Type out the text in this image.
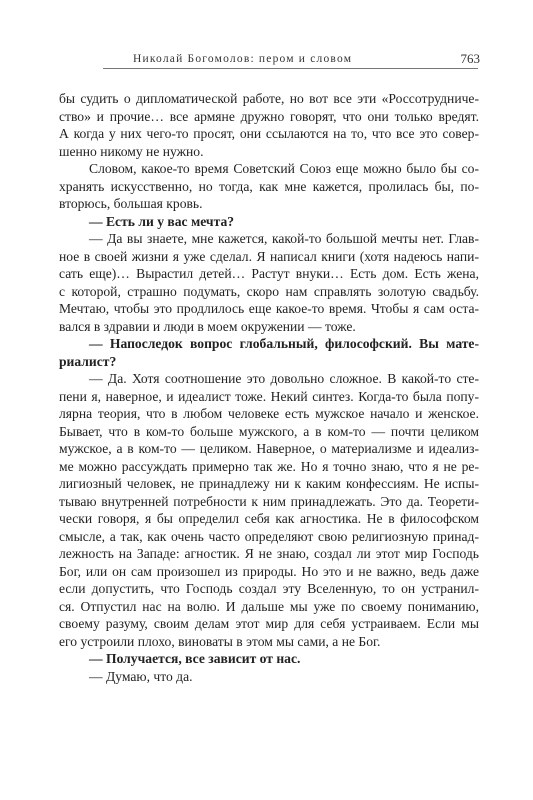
Николай Богомолов: пером и словом	763
бы судить о дипломатической работе, но вот все эти «Россотрудниче-
ство» и прочие… все армяне дружно говорят, что они только вредят.
А когда у них чего-то просят, они ссылаются на то, что все это совер-
шенно никому не нужно.
Словом, какое-то время Советский Союз еще можно было бы со-
хранять искусственно, но тогда, как мне кажется, пролилась бы, по-
вторюсь, большая кровь.
— Есть ли у вас мечта?
— Да вы знаете, мне кажется, какой-то большой мечты нет. Глав-
ное в своей жизни я уже сделал. Я написал книги (хотя надеюсь напи-
сать еще)… Вырастил детей… Растут внуки… Есть дом. Есть жена,
с которой, страшно подумать, скоро нам справлять золотую свадьбу.
Мечтаю, чтобы это продлилось еще какое-то время. Чтобы я сам оста-
вался в здравии и люди в моем окружении — тоже.
— Напоследок вопрос глобальный, философский. Вы мате-
риалист?
— Да. Хотя соотношение это довольно сложное. В какой-то сте-
пени я, наверное, и идеалист тоже. Некий синтез. Когда-то была попу-
лярна теория, что в любом человеке есть мужское начало и женское.
Бывает, что в ком-то больше мужского, а в ком-то — почти целиком
мужское, а в ком-то — целиком. Наверное, о материализме и идеализ-
ме можно рассуждать примерно так же. Но я точно знаю, что я не ре-
лигиозный человек, не принадлежу ни к каким конфессиям. Не испы-
тываю внутренней потребности к ним принадлежать. Это да. Теорети-
чески говоря, я бы определил себя как агностика. Не в философском
смысле, а так, как очень часто определяют свою религиозную принад-
лежность на Западе: агностик. Я не знаю, создал ли этот мир Господь
Бог, или он сам произошел из природы. Но это и не важно, ведь даже
если допустить, что Господь создал эту Вселенную, то он устранил-
ся. Отпустил нас на волю. И дальше мы уже по своему пониманию,
своему разуму, своим делам этот мир для себя устраиваем. Если мы
его устроили плохо, виноваты в этом мы сами, а не Бог.
— Получается, все зависит от нас.
— Думаю, что да.
